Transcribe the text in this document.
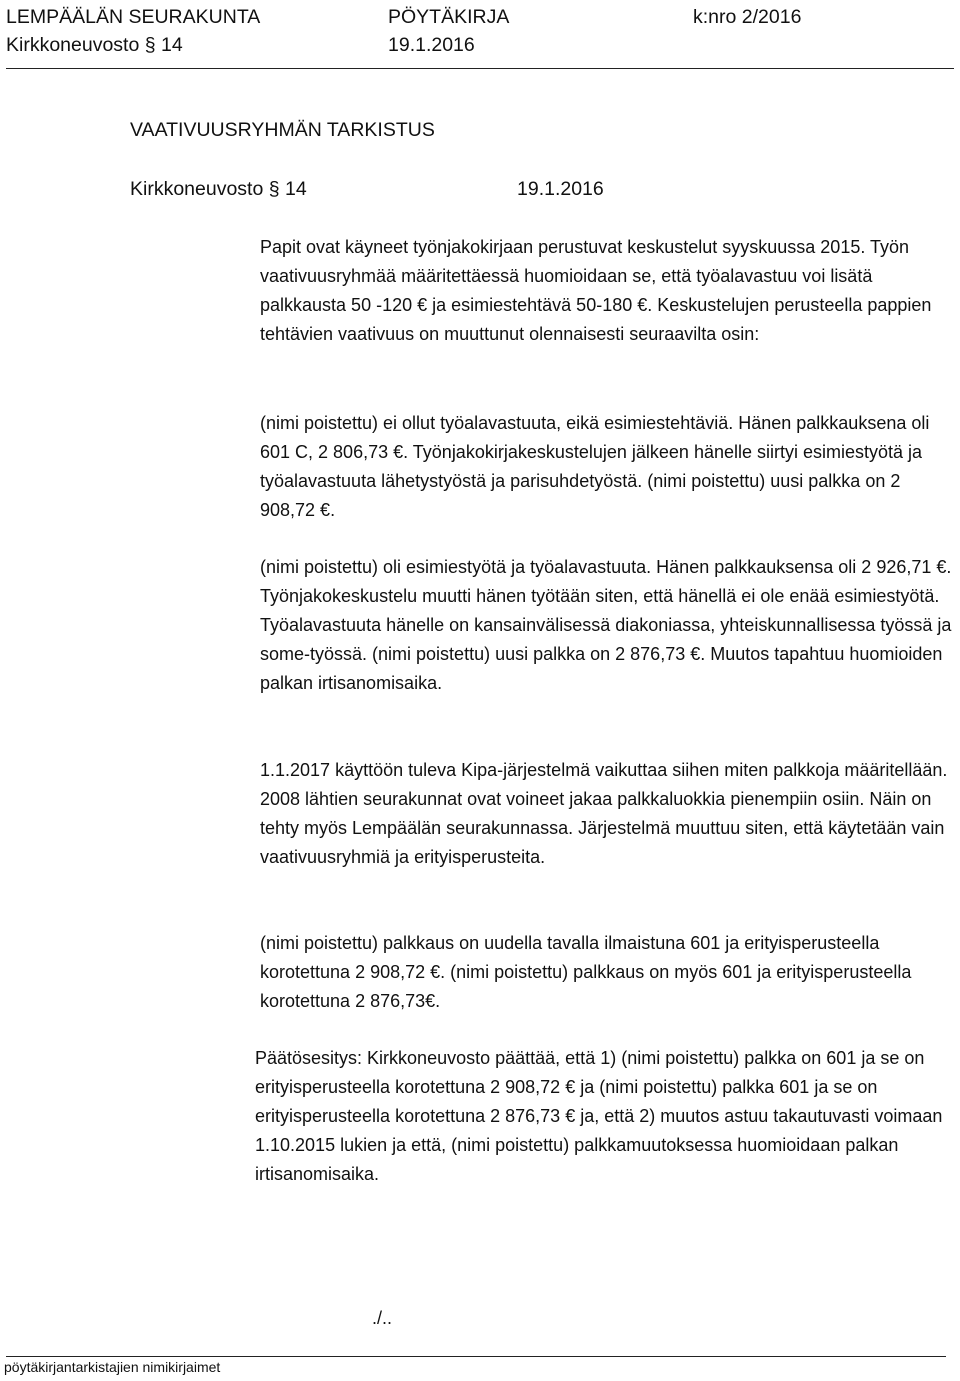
LEMPÄÄLÄN SEURAKUNTA	PÖYTÄKIRJA	k:nro 2/2016
Kirkkoneuvosto § 14	19.1.2016
VAATIVUUSRYHMÄN TARKISTUS
Kirkkoneuvosto § 14	19.1.2016

Papit ovat käyneet työnjakokirjaan perustuvat keskustelut syyskuussa 2015. Työn vaativuusryhmää määritettäessä huomioidaan se, että työalavastuu voi lisätä palkkausta 50 -120 € ja esimiestehtävä 50-180 €. Keskustelujen perusteella pappien tehtävien vaativuus on muuttunut olennaisesti seuraavilta osin:

(nimi poistettu) ei ollut työalavastuuta, eikä esimiestehtäviä. Hänen palkkauksena oli 601 C, 2 806,73 €. Työnjakokirjakeskustelujen jälkeen hänelle siirtyi esimiestyötä ja työalavastuuta lähetystyöstä ja parisuhdetyöstä. (nimi poistettu) uusi palkka on 2 908,72 €.

(nimi poistettu) oli esimiestyötä ja työalavastuuta. Hänen palkkauksensa oli 2 926,71 €. Työnjakokeskustelu muutti hänen työtään siten, että hänellä ei ole enää esimiestyötä. Työalavastuuta hänelle on kansainvälisessä diakoniassa, yhteiskunnallisessa työssä ja some-työssä. (nimi poistettu) uusi palkka on 2 876,73 €. Muutos tapahtuu huomioiden palkan irtisanomisaika.

1.1.2017 käyttöön tuleva Kipa-järjestelmä vaikuttaa siihen miten palkkoja määritellään. 2008 lähtien seurakunnat ovat voineet jakaa palkkaluokkia pienempiin osiin. Näin on tehty myös Lempäälän seurakunnassa. Järjestelmä muuttuu siten, että käytetään vain vaativuusryhmiä ja erityisperusteita.

(nimi poistettu) palkkaus on uudella tavalla ilmaistuna 601 ja erityisperusteella korotettuna 2 908,72 €. (nimi poistettu) palkkaus on myös 601 ja erityisperusteella korotettuna 2 876,73€.

Päätösesitys: Kirkkoneuvosto päättää, että 1) (nimi poistettu) palkka on 601 ja se on erityisperusteella korotettuna 2 908,72 € ja (nimi poistettu) palkka 601 ja se on erityisperusteella korotettuna 2 876,73 € ja, että 2) muutos astuu takautuvasti voimaan 1.10.2015 lukien ja että, (nimi poistettu) palkkamuutoksessa huomioidaan palkan irtisanomisaika.

./..
pöytäkirjantarkistajien nimikirjaimet
